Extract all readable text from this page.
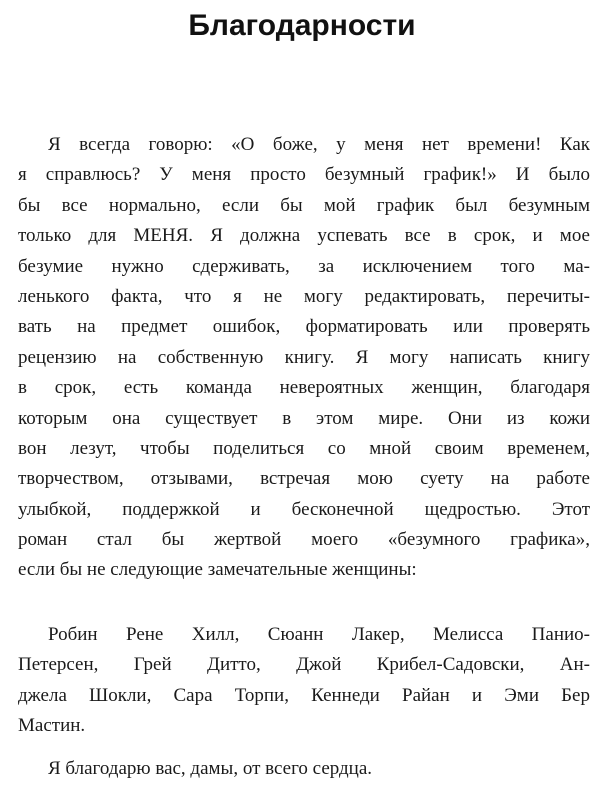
Благодарности
Я всегда говорю: «О боже, у меня нет времени! Как
я справлюсь? У меня просто безумный график!» И было
бы все нормально, если бы мой график был безумным
только для МЕНЯ. Я должна успевать все в срок, и мое
безумие нужно сдерживать, за исключением того ма-
ленького факта, что я не могу редактировать, перечиты-
вать на предмет ошибок, форматировать или проверять
рецензию на собственную книгу. Я могу написать книгу
в срок, есть команда невероятных женщин, благодаря
которым она существует в этом мире. Они из кожи
вон лезут, чтобы поделиться со мной своим временем,
творчеством, отзывами, встречая мою суету на работе
улыбкой, поддержкой и бесконечной щедростью. Этот
роман стал бы жертвой моего «безумного графика»,
если бы не следующие замечательные женщины:
Робин Рене Хилл, Сюанн Лакер, Мелисса Панио-
Петерсен, Грей Дитто, Джой Крибел-Садовски, Ан-
джела Шокли, Сара Торпи, Кеннеди Райан и Эми Бер
Мастин.
Я благодарю вас, дамы, от всего сердца.
